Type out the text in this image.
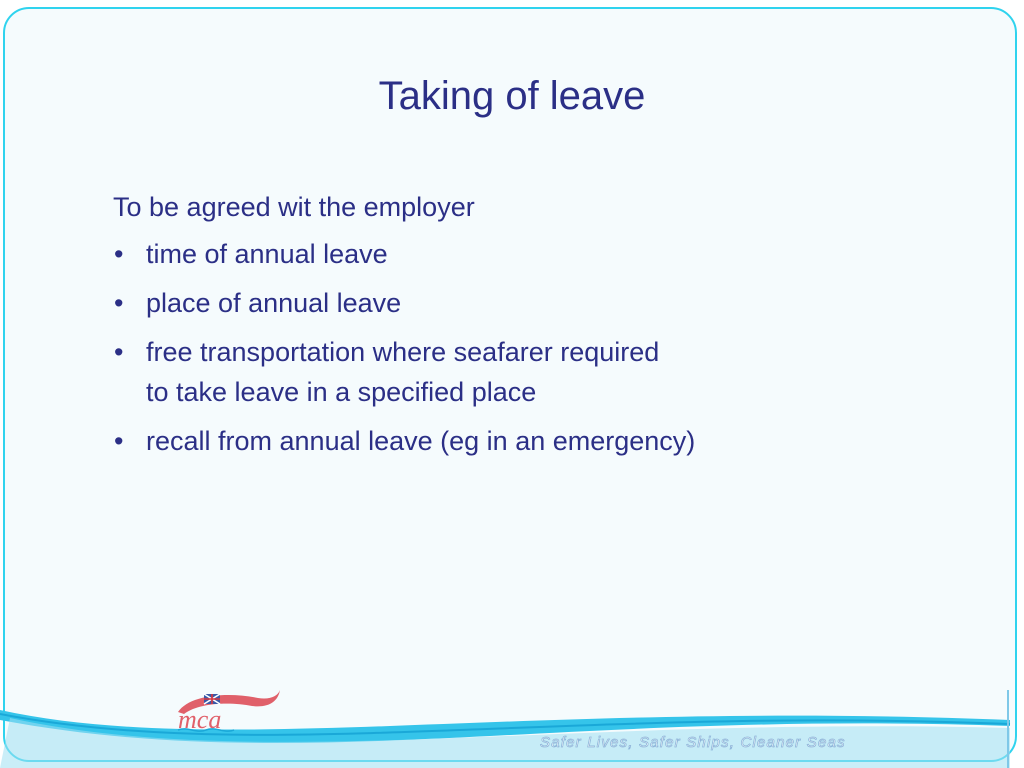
Taking of leave
To be agreed wit the employer
• time of annual leave
• place of annual leave
• free transportation where seafarer required
to take leave in a specified place
• recall from annual leave (eg in an emergency)
mca
Safer Lives, Safer Ships, Cleaner Seas
